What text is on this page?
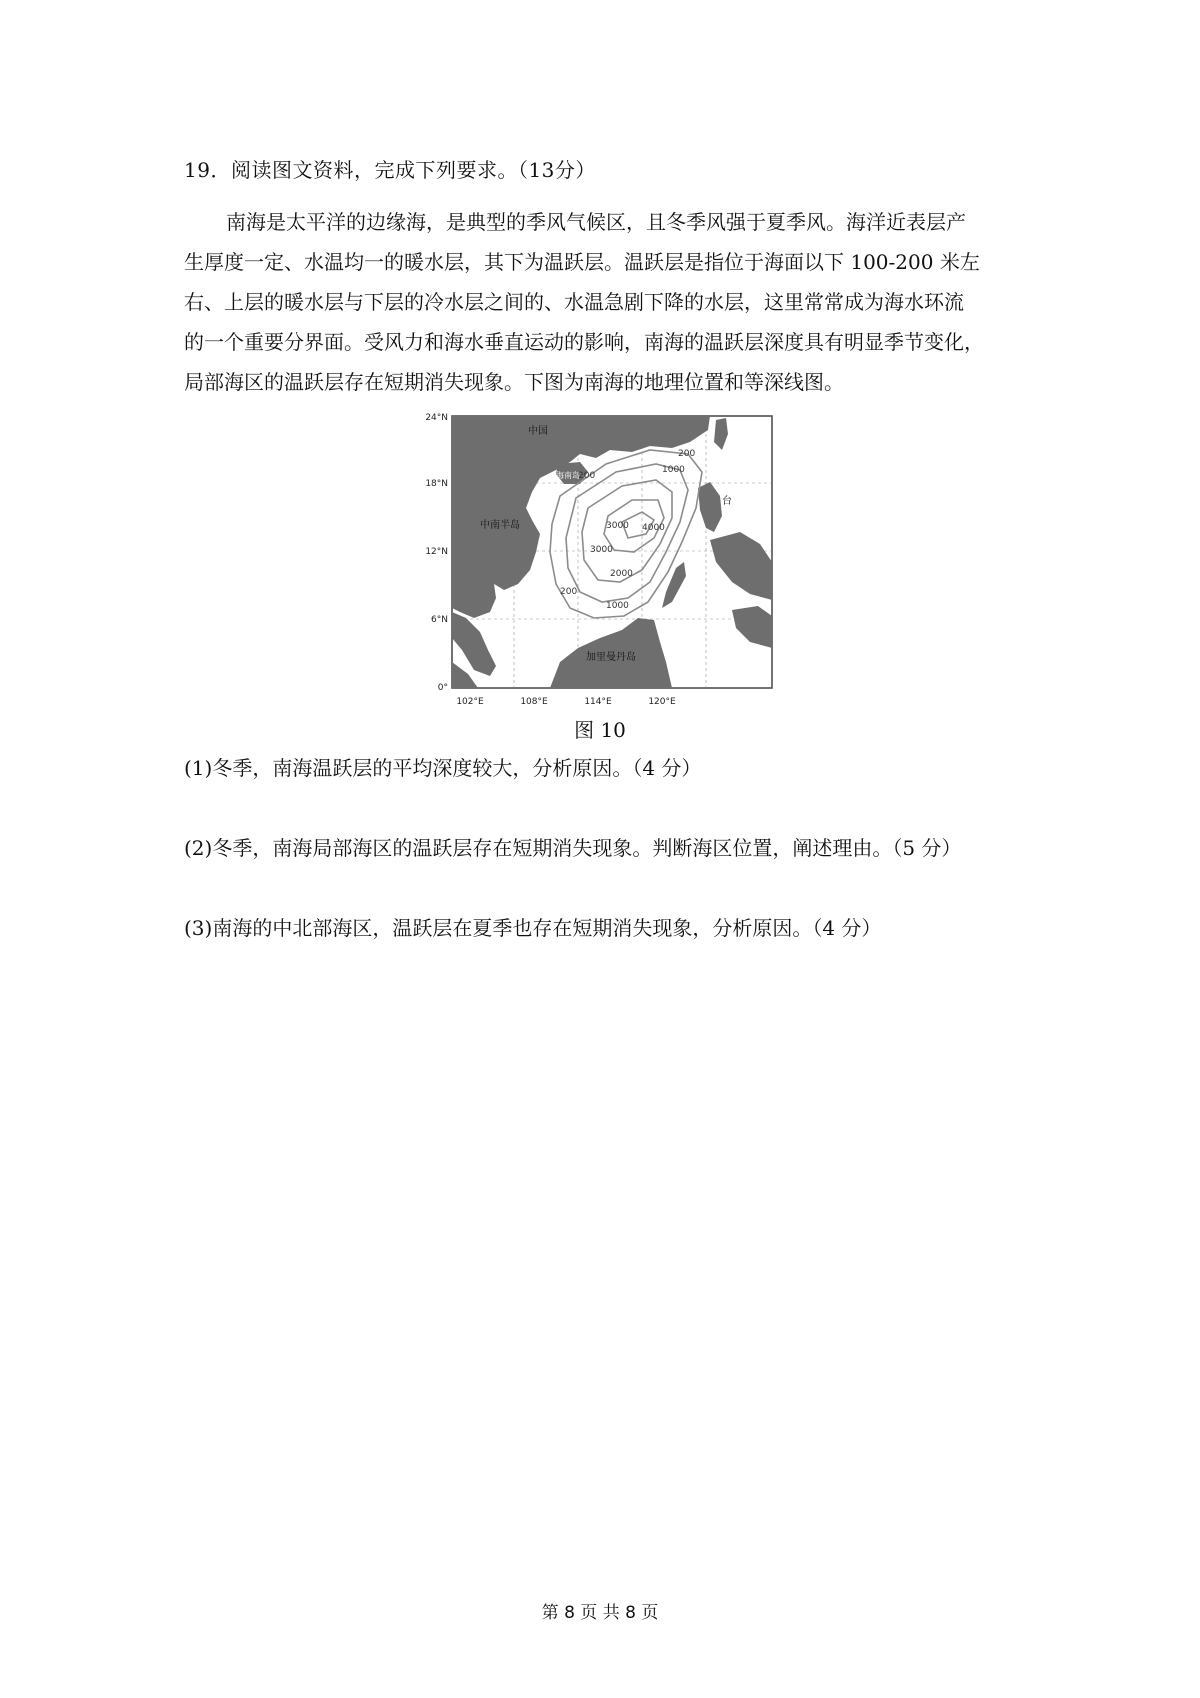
19．阅读图文资料，完成下列要求。（13分）
南海是太平洋的边缘海，是典型的季风气候区，且冬季风强于夏季风。海洋近表层产
生厚度一定、水温均一的暖水层，其下为温跃层。温跃层是指位于海面以下 100-200 米左
右、上层的暖水层与下层的冷水层之间的、水温急剧下降的水层，这里常常成为海水环流
的一个重要分界面。受风力和海水垂直运动的影响，南海的温跃层深度具有明显季节变化，
局部海区的温跃层存在短期消失现象。下图为南海的地理位置和等深线图。
200
1000
200
3000 4000
3000
2000
1000
200
中国
海南岛
中南半岛
台
加里曼丹岛
24°N
18°N
12°N
6°N
0°
102°E	108°E	114°E	120°E
图 10
(1)冬季，南海温跃层的平均深度较大，分析原因。（4 分）
(2)冬季，南海局部海区的温跃层存在短期消失现象。判断海区位置，阐述理由。（5 分）
(3)南海的中北部海区，温跃层在夏季也存在短期消失现象，分析原因。（4 分）
第 8 页 共 8 页
